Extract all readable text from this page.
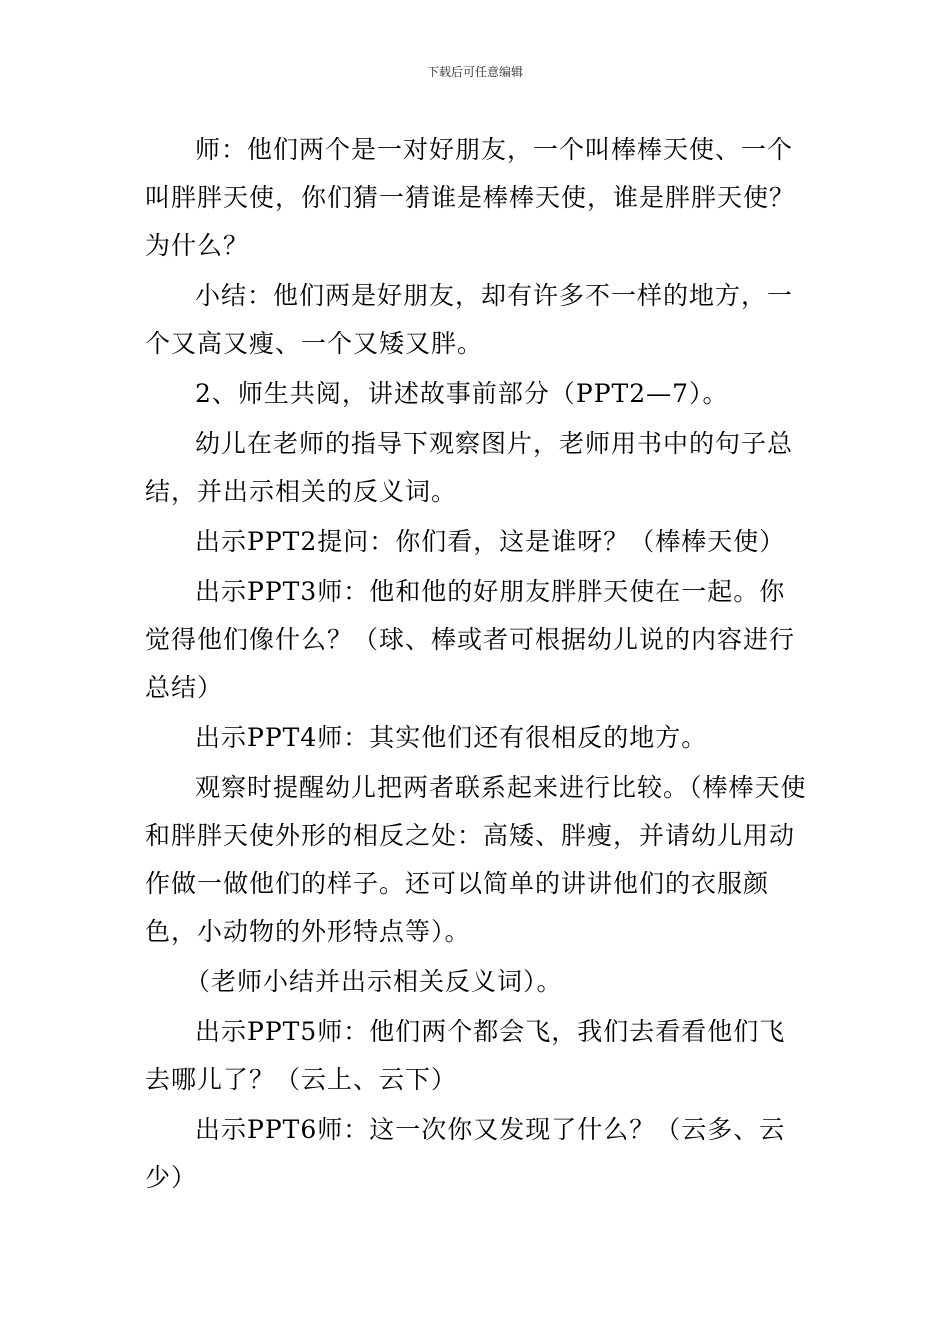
下载后可任意编辑

师：他们两个是一对好朋友，一个叫棒棒天使、一个叫胖胖天使，你们猜一猜谁是棒棒天使，谁是胖胖天使？为什么？

小结：他们两是好朋友，却有许多不一样的地方，一个又高又瘦、一个又矮又胖。

2、师生共阅，讲述故事前部分（PPT2—7）。

幼儿在老师的指导下观察图片，老师用书中的句子总结，并出示相关的反义词。

出示PPT2提问：你们看，这是谁呀？（棒棒天使）

出示PPT3师：他和他的好朋友胖胖天使在一起。你觉得他们像什么？（球、棒或者可根据幼儿说的内容进行总结）

出示PPT4师：其实他们还有很相反的地方。

观察时提醒幼儿把两者联系起来进行比较。（棒棒天使和胖胖天使外形的相反之处：高矮、胖瘦，并请幼儿用动作做一做他们的样子。还可以简单的讲讲他们的衣服颜色，小动物的外形特点等）。

（老师小结并出示相关反义词）。

出示PPT5师：他们两个都会飞，我们去看看他们飞去哪儿了？（云上、云下）

出示PPT6师：这一次你又发现了什么？（云多、云少）
